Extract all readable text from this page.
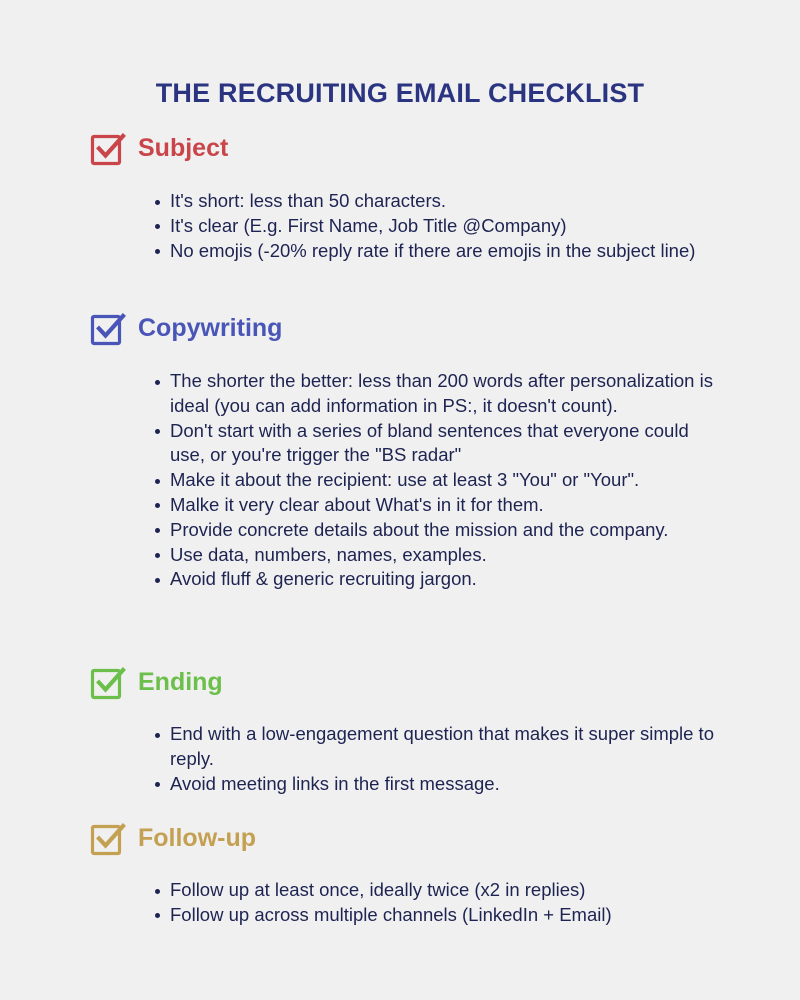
THE RECRUITING EMAIL CHECKLIST
Subject
It's short: less than 50 characters.
It's clear (E.g. First Name, Job Title @Company)
No emojis (-20% reply rate if there are emojis in the subject line)
Copywriting
The shorter the better: less than 200 words after personalization is ideal (you can add information in PS:, it doesn't count).
Don't start with a series of bland sentences that everyone could use, or you're trigger the "BS radar"
Make it about the recipient: use at least 3 "You" or "Your".
Malke it very clear about What's in it for them.
Provide concrete details about the mission and the company.
Use data, numbers, names, examples.
Avoid fluff & generic recruiting jargon.
Ending
End with a low-engagement question that makes it super simple to reply.
Avoid meeting links in the first message.
Follow-up
Follow up at least once, ideally twice (x2 in replies)
Follow up across multiple channels (LinkedIn + Email)
